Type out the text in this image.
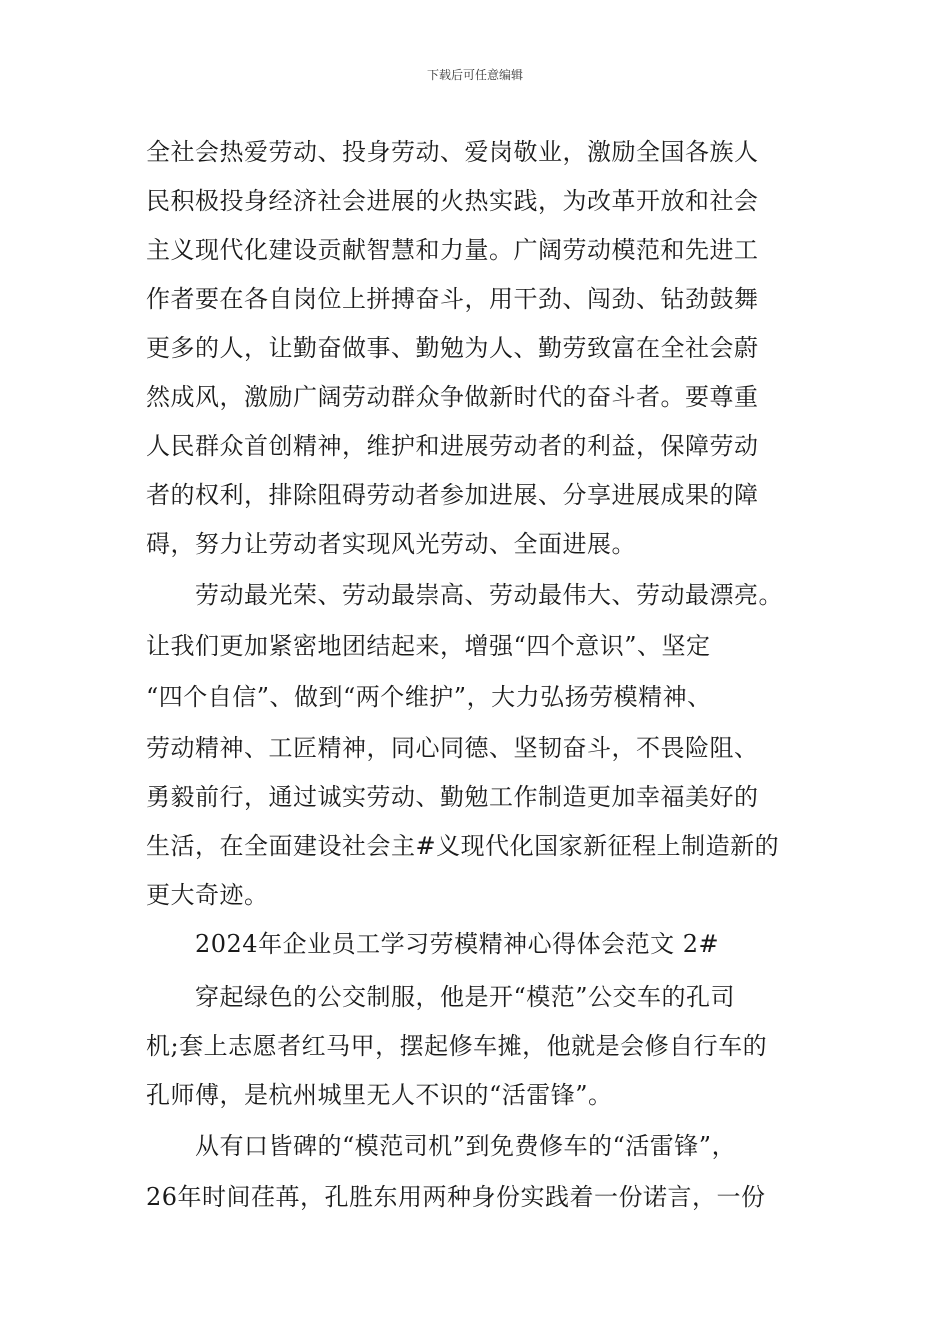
下载后可任意编辑
全社会热爱劳动、投身劳动、爱岗敬业，激励全国各族人
民积极投身经济社会进展的火热实践，为改革开放和社会
主义现代化建设贡献智慧和力量。广阔劳动模范和先进工
作者要在各自岗位上拼搏奋斗，用干劲、闯劲、钻劲鼓舞
更多的人，让勤奋做事、勤勉为人、勤劳致富在全社会蔚
然成风，激励广阔劳动群众争做新时代的奋斗者。要尊重
人民群众首创精神，维护和进展劳动者的利益，保障劳动
者的权利，排除阻碍劳动者参加进展、分享进展成果的障
碍，努力让劳动者实现风光劳动、全面进展。
劳动最光荣、劳动最崇高、劳动最伟大、劳动最漂亮。
让我们更加紧密地团结起来，增强“四个意识”、坚定
“四个自信”、做到“两个维护”，大力弘扬劳模精神、
劳动精神、工匠精神，同心同德、坚韧奋斗，不畏险阻、
勇毅前行，通过诚实劳动、勤勉工作制造更加幸福美好的
生活，在全面建设社会主#义现代化国家新征程上制造新的
更大奇迹。
2024年企业员工学习劳模精神心得体会范文 2#
穿起绿色的公交制服，他是开“模范”公交车的孔司
机;套上志愿者红马甲，摆起修车摊，他就是会修自行车的
孔师傅，是杭州城里无人不识的“活雷锋”。
从有口皆碑的“模范司机”到免费修车的“活雷锋”，
26年时间荏苒，孔胜东用两种身份实践着一份诺言，一份
